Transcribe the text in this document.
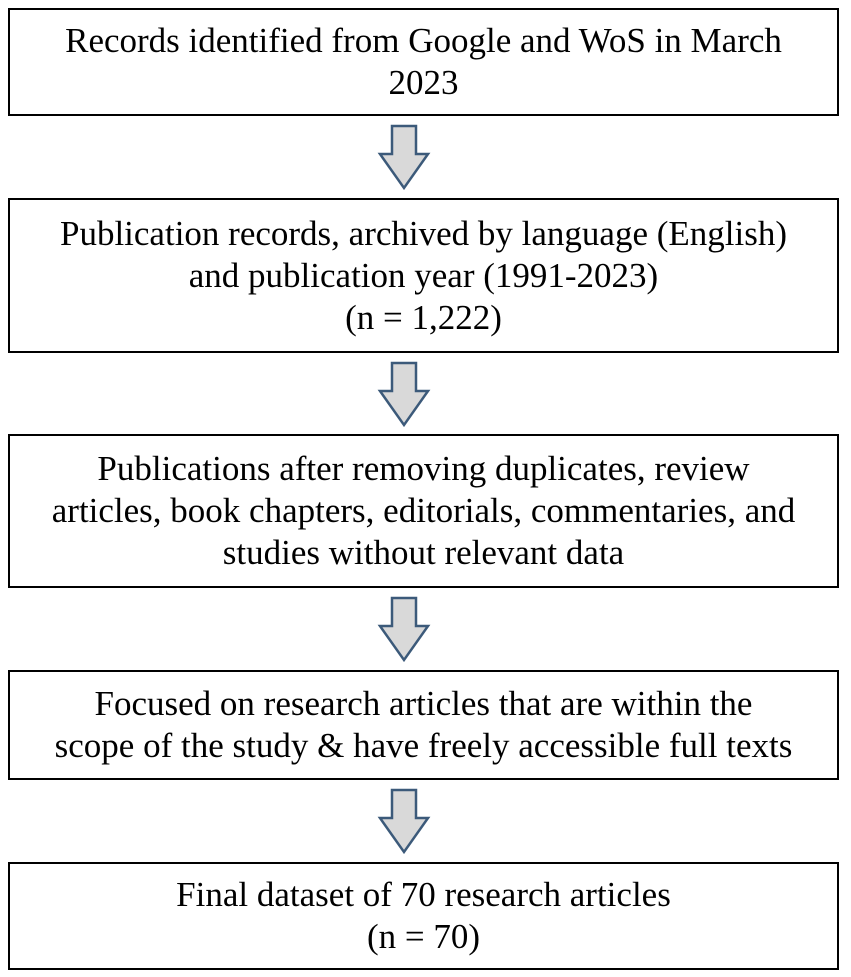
Records identified from Google and WoS in March
2023
Publication records, archived by language (English)
and publication year (1991-2023)
(n = 1,222)
Publications after removing duplicates, review
articles, book chapters, editorials, commentaries, and
studies without relevant data
Focused on research articles that are within the
scope of the study & have freely accessible full texts
Final dataset of 70 research articles
(n = 70)
